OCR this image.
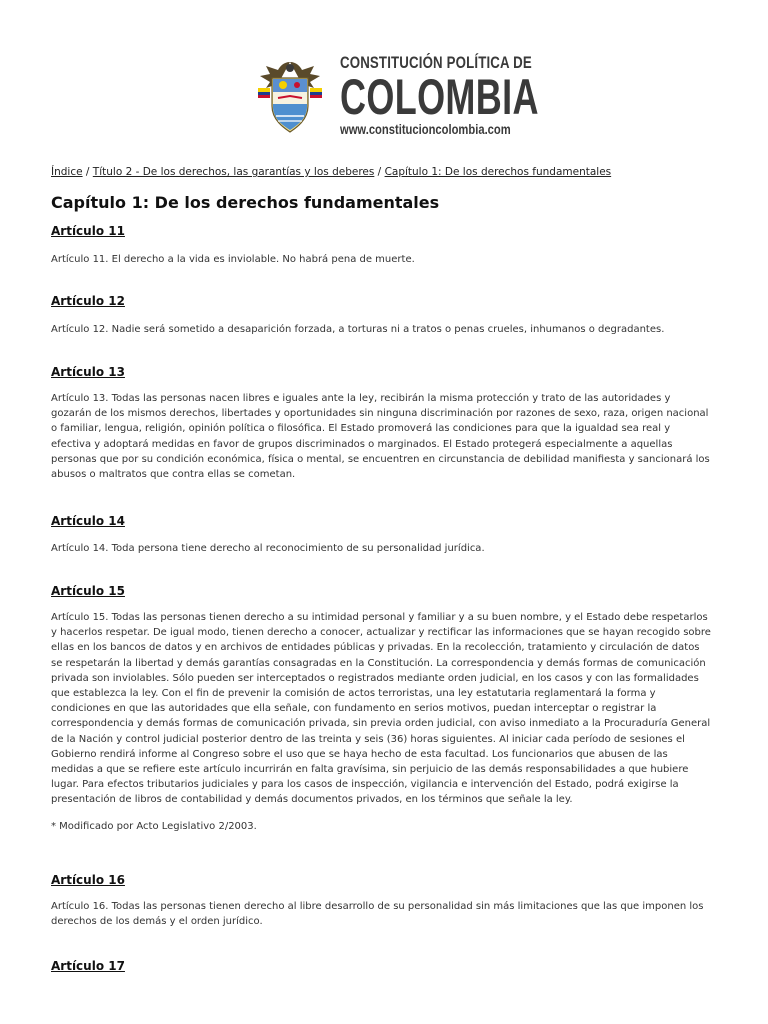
CONSTITUCIÓN POLÍTICA DE
COLOMBIA
www.constitucioncolombia.com
Índice / Título 2 - De los derechos, las garantías y los deberes / Capítulo 1: De los derechos fundamentales
Capítulo 1: De los derechos fundamentales
Artículo 11

Artículo 11. El derecho a la vida es inviolable. No habrá pena de muerte.

Artículo 12

Artículo 12. Nadie será sometido a desaparición forzada, a torturas ni a tratos o penas crueles, inhumanos o degradantes.

Artículo 13

Artículo 13. Todas las personas nacen libres e iguales ante la ley, recibirán la misma protección y trato de las autoridades y gozarán de los mismos derechos, libertades y oportunidades sin ninguna discriminación por razones de sexo, raza, origen nacional o familiar, lengua, religión, opinión política o filosófica. El Estado promoverá las condiciones para que la igualdad sea real y efectiva y adoptará medidas en favor de grupos discriminados o marginados. El Estado protegerá especialmente a aquellas personas que por su condición económica, física o mental, se encuentren en circunstancia de debilidad manifiesta y sancionará los abusos o maltratos que contra ellas se cometan.

Artículo 14

Artículo 14. Toda persona tiene derecho al reconocimiento de su personalidad jurídica.

Artículo 15

Artículo 15. Todas las personas tienen derecho a su intimidad personal y familiar y a su buen nombre, y el Estado debe respetarlos y hacerlos respetar. De igual modo, tienen derecho a conocer, actualizar y rectificar las informaciones que se hayan recogido sobre ellas en los bancos de datos y en archivos de entidades públicas y privadas. En la recolección, tratamiento y circulación de datos se respetarán la libertad y demás garantías consagradas en la Constitución. La correspondencia y demás formas de comunicación privada son inviolables. Sólo pueden ser interceptados o registrados mediante orden judicial, en los casos y con las formalidades que establezca la ley. Con el fin de prevenir la comisión de actos terroristas, una ley estatutaria reglamentará la forma y condiciones en que las autoridades que ella señale, con fundamento en serios motivos, puedan interceptar o registrar la correspondencia y demás formas de comunicación privada, sin previa orden judicial, con aviso inmediato a la Procuraduría General de la Nación y control judicial posterior dentro de las treinta y seis (36) horas siguientes. Al iniciar cada período de sesiones el Gobierno rendirá informe al Congreso sobre el uso que se haya hecho de esta facultad. Los funcionarios que abusen de las medidas a que se refiere este artículo incurrirán en falta gravísima, sin perjuicio de las demás responsabilidades a que hubiere lugar. Para efectos tributarios judiciales y para los casos de inspección, vigilancia e intervención del Estado, podrá exigirse la presentación de libros de contabilidad y demás documentos privados, en los términos que señale la ley.

* Modificado por Acto Legislativo 2/2003.

Artículo 16

Artículo 16. Todas las personas tienen derecho al libre desarrollo de su personalidad sin más limitaciones que las que imponen los derechos de los demás y el orden jurídico.

Artículo 17
